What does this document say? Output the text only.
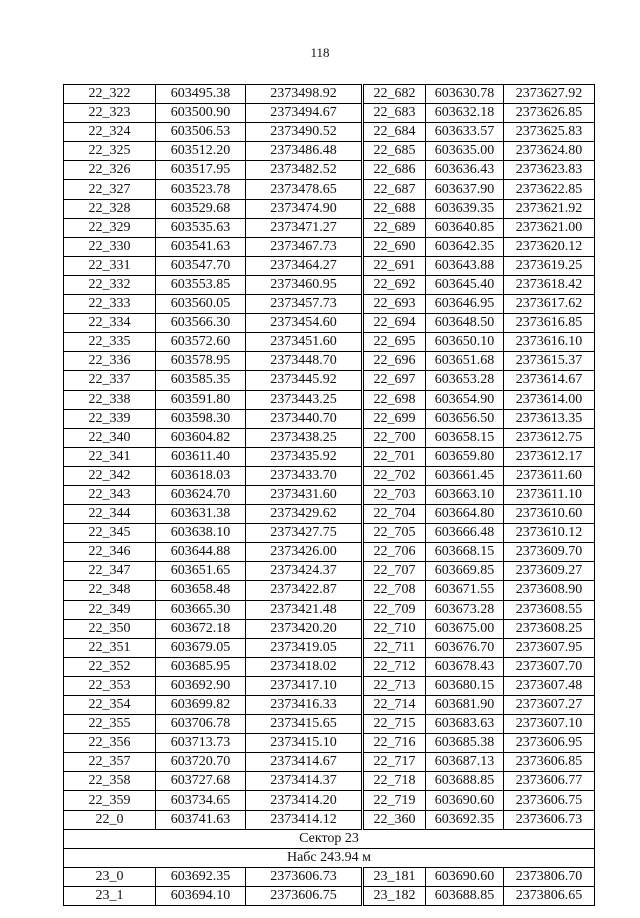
118
22_322	603495.38	2373498.92	22_682	603630.78	2373627.92
22_323	603500.90	2373494.67	22_683	603632.18	2373626.85
22_324	603506.53	2373490.52	22_684	603633.57	2373625.83
22_325	603512.20	2373486.48	22_685	603635.00	2373624.80
22_326	603517.95	2373482.52	22_686	603636.43	2373623.83
22_327	603523.78	2373478.65	22_687	603637.90	2373622.85
22_328	603529.68	2373474.90	22_688	603639.35	2373621.92
22_329	603535.63	2373471.27	22_689	603640.85	2373621.00
22_330	603541.63	2373467.73	22_690	603642.35	2373620.12
22_331	603547.70	2373464.27	22_691	603643.88	2373619.25
22_332	603553.85	2373460.95	22_692	603645.40	2373618.42
22_333	603560.05	2373457.73	22_693	603646.95	2373617.62
22_334	603566.30	2373454.60	22_694	603648.50	2373616.85
22_335	603572.60	2373451.60	22_695	603650.10	2373616.10
22_336	603578.95	2373448.70	22_696	603651.68	2373615.37
22_337	603585.35	2373445.92	22_697	603653.28	2373614.67
22_338	603591.80	2373443.25	22_698	603654.90	2373614.00
22_339	603598.30	2373440.70	22_699	603656.50	2373613.35
22_340	603604.82	2373438.25	22_700	603658.15	2373612.75
22_341	603611.40	2373435.92	22_701	603659.80	2373612.17
22_342	603618.03	2373433.70	22_702	603661.45	2373611.60
22_343	603624.70	2373431.60	22_703	603663.10	2373611.10
22_344	603631.38	2373429.62	22_704	603664.80	2373610.60
22_345	603638.10	2373427.75	22_705	603666.48	2373610.12
22_346	603644.88	2373426.00	22_706	603668.15	2373609.70
22_347	603651.65	2373424.37	22_707	603669.85	2373609.27
22_348	603658.48	2373422.87	22_708	603671.55	2373608.90
22_349	603665.30	2373421.48	22_709	603673.28	2373608.55
22_350	603672.18	2373420.20	22_710	603675.00	2373608.25
22_351	603679.05	2373419.05	22_711	603676.70	2373607.95
22_352	603685.95	2373418.02	22_712	603678.43	2373607.70
22_353	603692.90	2373417.10	22_713	603680.15	2373607.48
22_354	603699.82	2373416.33	22_714	603681.90	2373607.27
22_355	603706.78	2373415.65	22_715	603683.63	2373607.10
22_356	603713.73	2373415.10	22_716	603685.38	2373606.95
22_357	603720.70	2373414.67	22_717	603687.13	2373606.85
22_358	603727.68	2373414.37	22_718	603688.85	2373606.77
22_359	603734.65	2373414.20	22_719	603690.60	2373606.75
22_0	603741.63	2373414.12	22_360	603692.35	2373606.73
Сектор 23					
Набс 243.94 м					
23_0	603692.35	2373606.73	23_181	603690.60	2373806.70
23_1	603694.10	2373606.75	23_182	603688.85	2373806.65
